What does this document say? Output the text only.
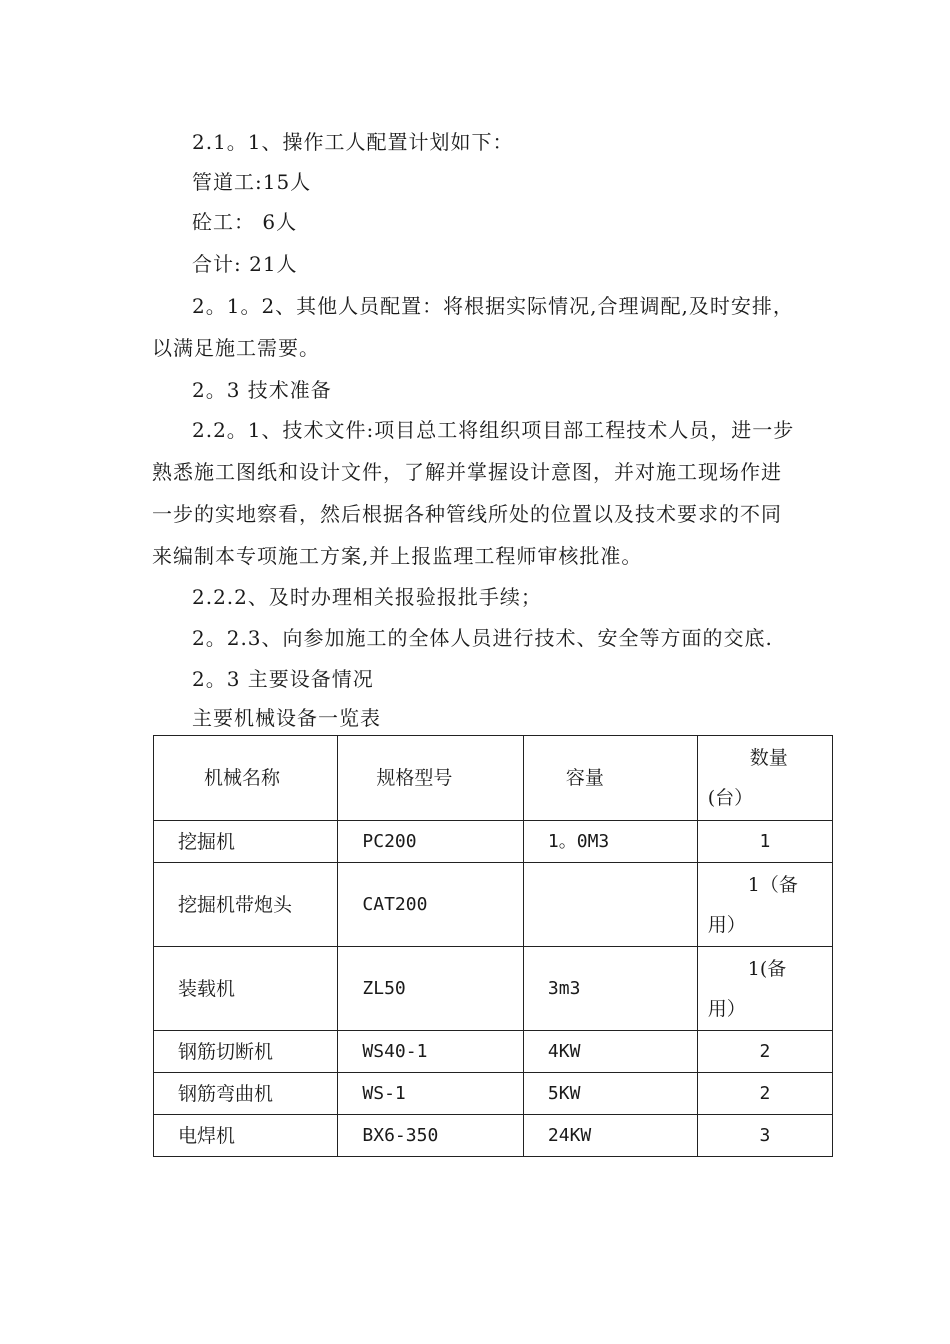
2.1。1、操作工人配置计划如下：
管道工:15人
砼工： 6人
合计: 21人
2。1。2、其他人员配置：将根据实际情况,合理调配,及时安排，
以满足施工需要。
2。3 技术准备
2.2。1、技术文件:项目总工将组织项目部工程技术人员，进一步
熟悉施工图纸和设计文件，了解并掌握设计意图，并对施工现场作进
一步的实地察看，然后根据各种管线所处的位置以及技术要求的不同
来编制本专项施工方案,并上报监理工程师审核批准。
2.2.2、及时办理相关报验报批手续；
2。2.3、向参加施工的全体人员进行技术、安全等方面的交底.
2。3 主要设备情况
主要机械设备一览表
机械名称	规格型号	容量	数量
(台）

挖掘机	PC200	1。0M3	1
挖掘机带炮头	CAT200		1（备
用）

装载机	ZL50	3m3	1(备
用）

钢筋切断机	WS40-1	4KW	2
钢筋弯曲机	WS-1	5KW	2
电焊机	BX6-350	24KW	3
